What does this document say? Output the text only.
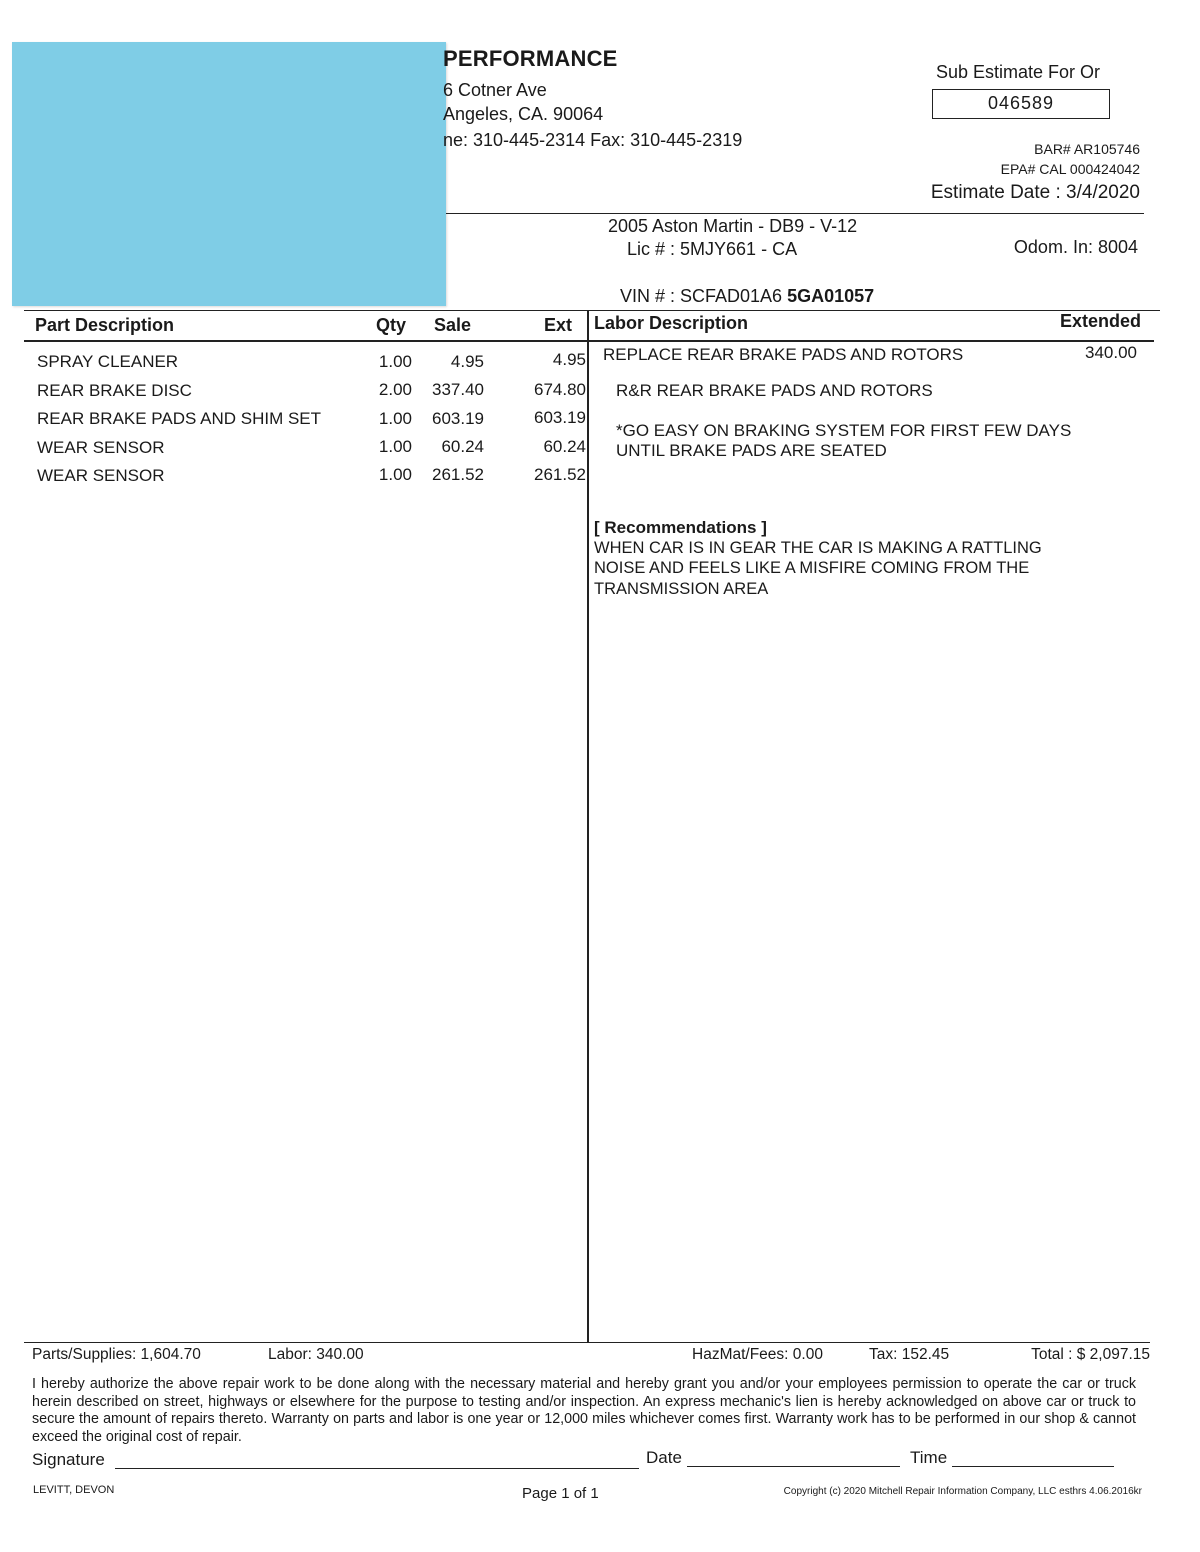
PERFORMANCE
6 Cotner Ave
Angeles, CA. 90064
ne: 310-445-2314 Fax: 310-445-2319
Sub Estimate For Or
046589
BAR# AR105746
EPA# CAL 000424042
Estimate Date : 3/4/2020
2005 Aston Martin - DB9 - V-12
Lic # : 5MJY661 - CA	Odom. In: 8004
VIN # : SCFAD01A6 5GA01057
Part Description	Qty Sale	Ext Labor Description	Extended
SPRAY CLEANER	1.00	4.95	4.95
REAR BRAKE DISC	2.00	337.40	674.80
REAR BRAKE PADS AND SHIM SET	1.00	603.19	603.19
WEAR SENSOR	1.00	60.24	60.24
WEAR SENSOR	1.00	261.52	261.52
REPLACE REAR BRAKE PADS AND ROTORS	340.00
R&R REAR BRAKE PADS AND ROTORS
*GO EASY ON BRAKING SYSTEM FOR FIRST FEW DAYS
UNTIL BRAKE PADS ARE SEATED
[ Recommendations ]
WHEN CAR IS IN GEAR THE CAR IS MAKING A RATTLING
NOISE AND FEELS LIKE A MISFIRE COMING FROM THE
TRANSMISSION AREA
Parts/Supplies: 1,604.70	Labor: 340.00	HazMat/Fees: 0.00	Tax: 152.45	Total : $ 2,097.15
I hereby authorize the above repair work to be done along with the necessary material and hereby grant you and/or your employees permission to operate the car or truck herein described on street, highways or elsewhere for the purpose to testing and/or inspection. An express mechanic's lien is hereby acknowledged on above car or truck to secure the amount of repairs thereto. Warranty on parts and labor is one year or 12,000 miles whichever comes first. Warranty work has to be performed in our shop & cannot exceed the original cost of repair.
Signature	Date	Time
LEVITT, DEVON	Page 1 of 1	Copyright (c) 2020 Mitchell Repair Information Company, LLC esthrs 4.06.2016kr
